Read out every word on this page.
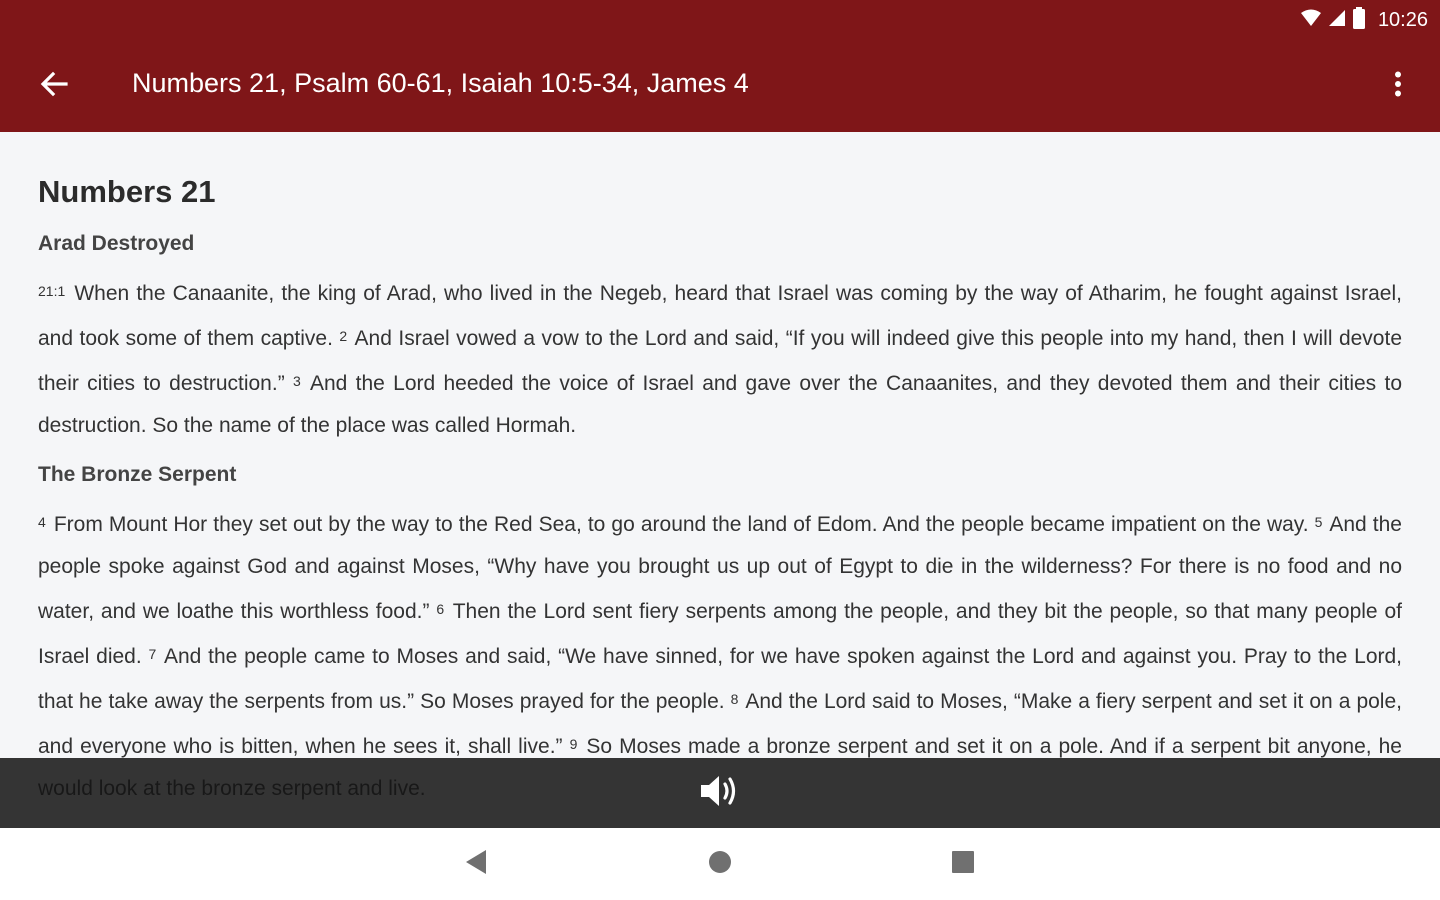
10:26
Numbers 21, Psalm 60-61, Isaiah 10:5-34, James 4
Numbers 21
Arad Destroyed

21:1 When the Canaanite, the king of Arad, who lived in the Negeb, heard that Israel was coming by the way of Atharim, he fought against Israel, and took some of them captive. 2 And Israel vowed a vow to the Lord and said, “If you will indeed give this people into my hand, then I will devote their cities to destruction.” 3 And the Lord heeded the voice of Israel and gave over the Canaanites, and they devoted them and their cities to destruction. So the name of the place was called Hormah.

The Bronze Serpent

4 From Mount Hor they set out by the way to the Red Sea, to go around the land of Edom. And the people became impatient on the way. 5 And the people spoke against God and against Moses, “Why have you brought us up out of Egypt to die in the wilderness? For there is no food and no water, and we loathe this worthless food.” 6 Then the Lord sent fiery serpents among the people, and they bit the people, so that many people of Israel died. 7 And the people came to Moses and said, “We have sinned, for we have spoken against the Lord and against you. Pray to the Lord, that he take away the serpents from us.” So Moses prayed for the people. 8 And the Lord said to Moses, “Make a fiery serpent and set it on a pole, and everyone who is bitten, when he sees it, shall live.” 9 So Moses made a bronze serpent and set it on a pole. And if a serpent bit anyone, he
